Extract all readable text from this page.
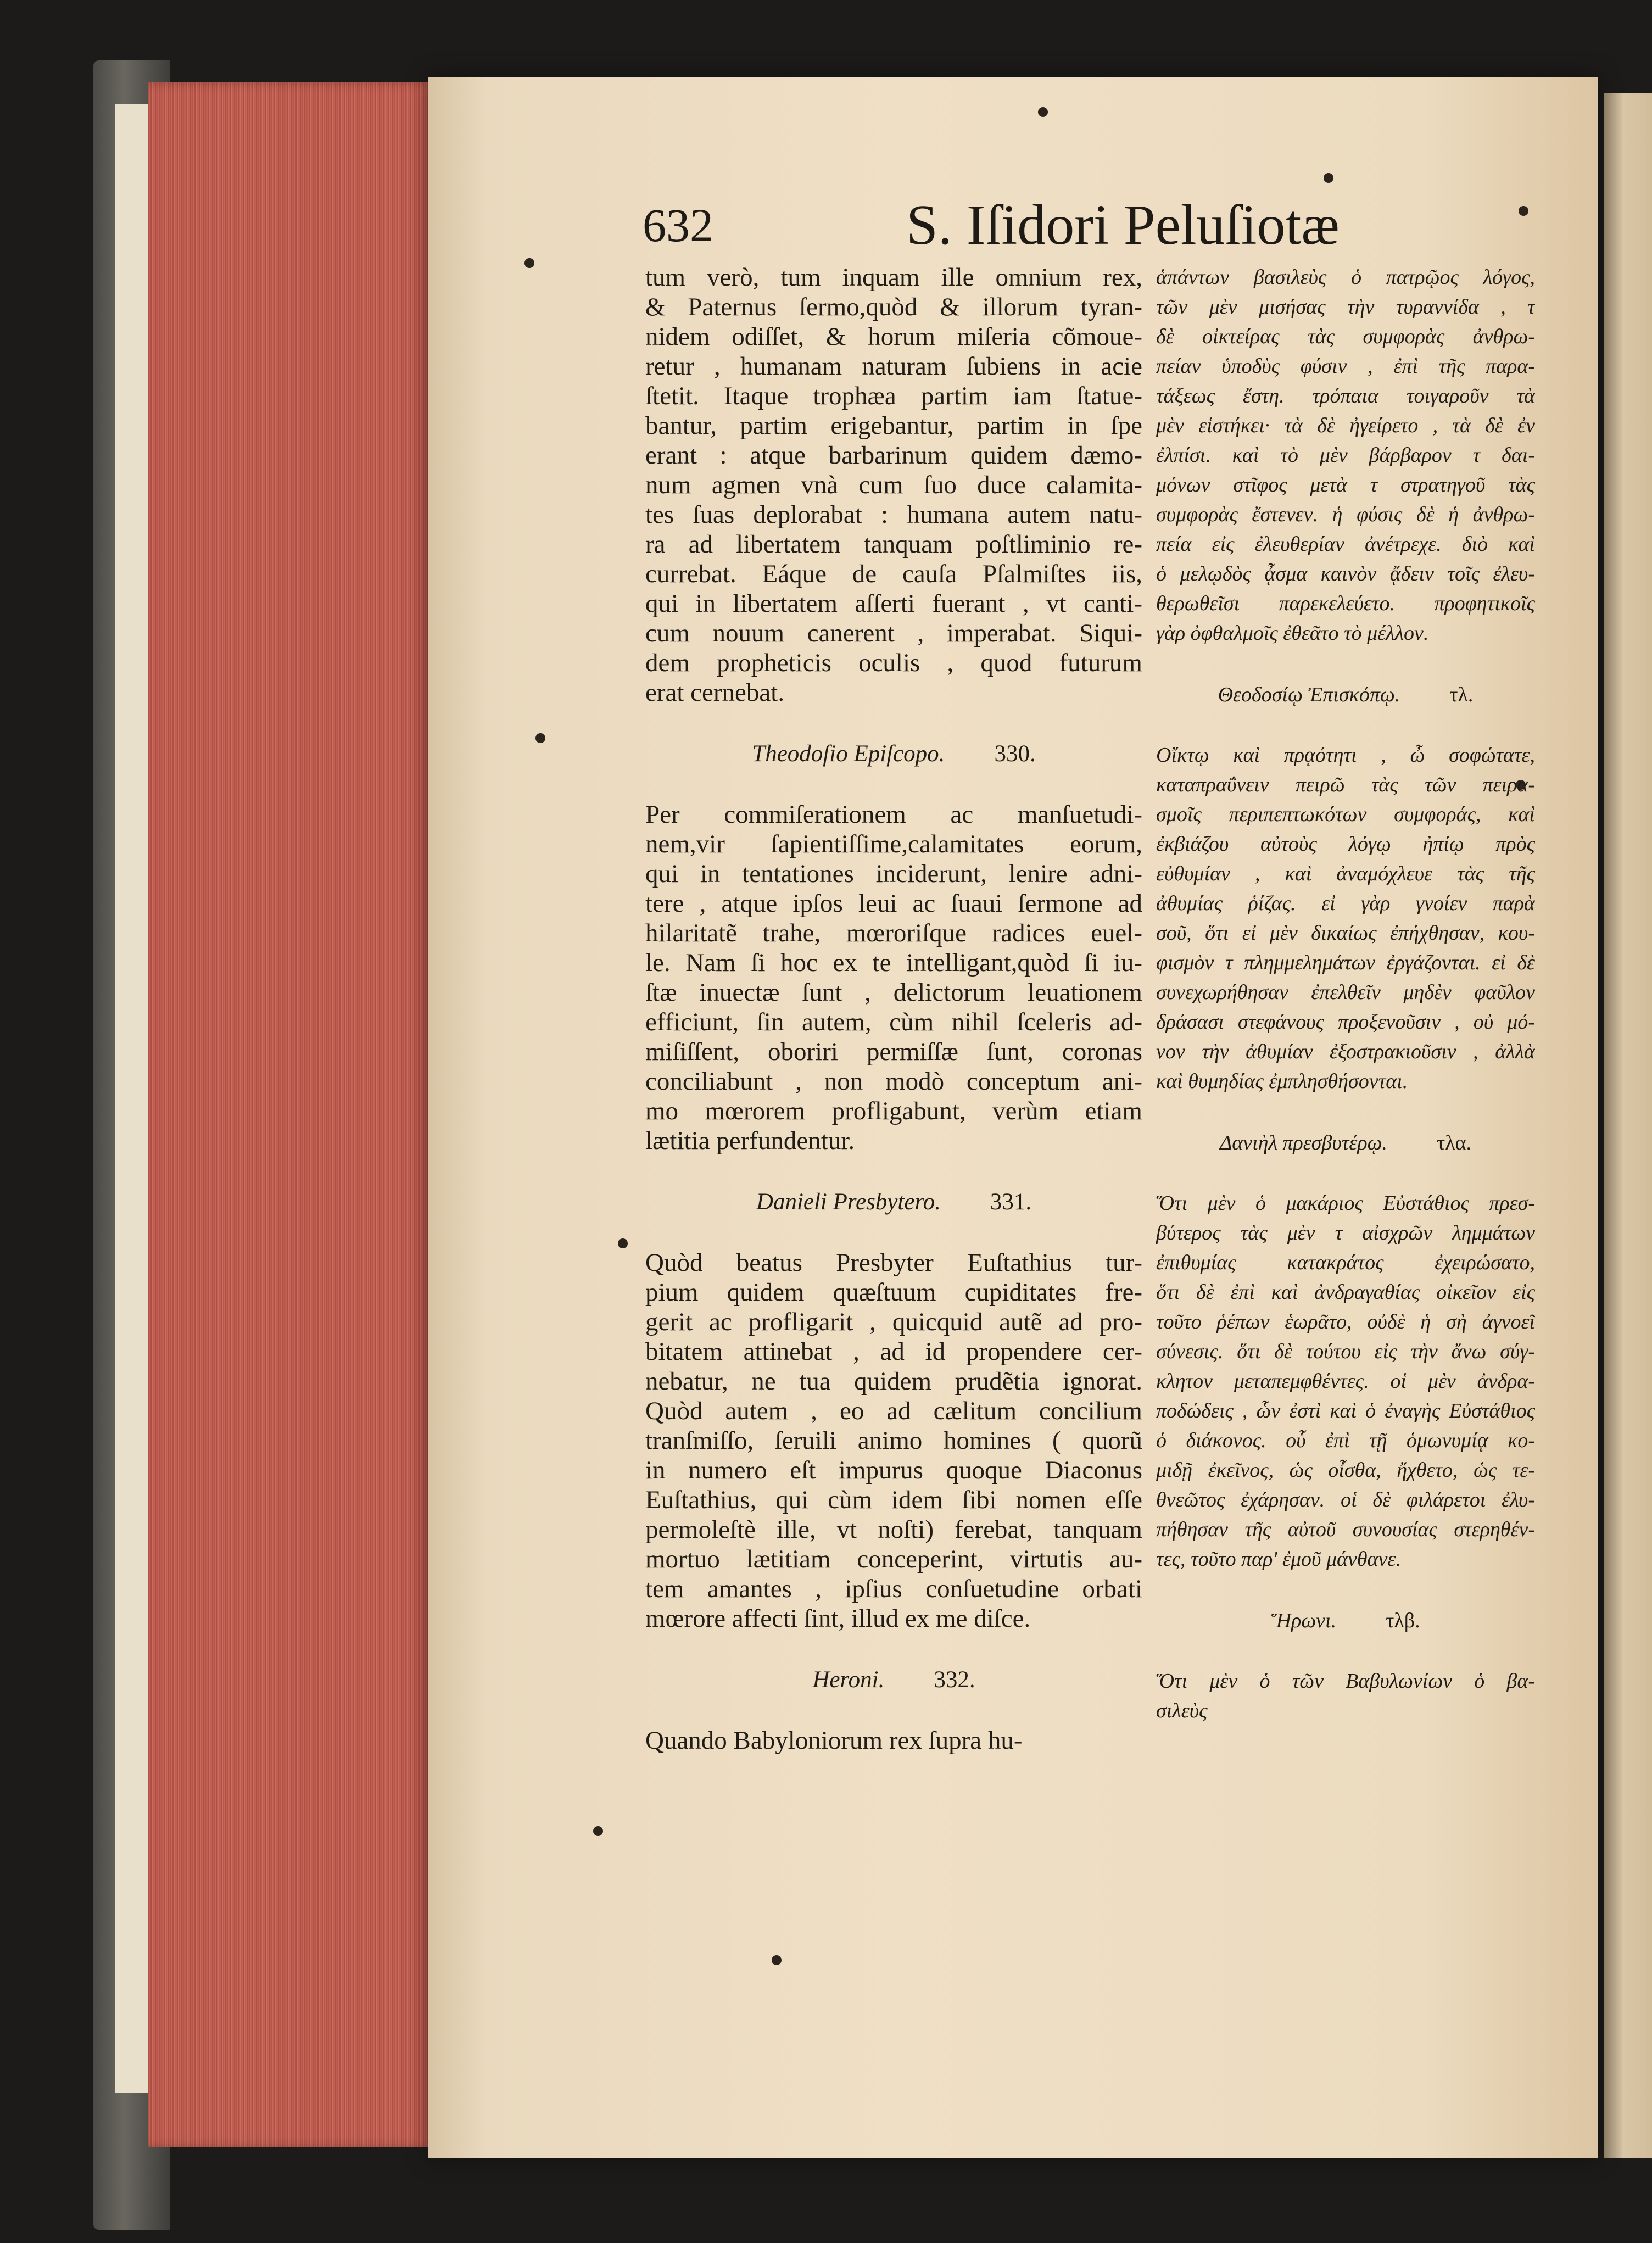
632	S. Iſidori Peluſiotæ
tum verò, tum inquam ille omnium rex,
& Paternus ſermo,quòd & illorum tyran-
nidem odiſſet, & horum miſeria cõmoue-
retur , humanam naturam ſubiens in acie
ſtetit. Itaque trophæa partim iam ſtatue-
bantur, partim erigebantur, partim in ſpe
erant : atque barbarinum quidem dæmo-
num agmen vnà cum ſuo duce calamita-
tes ſuas deplorabat : humana autem natu-
ra ad libertatem tanquam poſtliminio re-
currebat. Eáque de cauſa Pſalmiſtes iis,
qui in libertatem aſſerti fuerant , vt canti-
cum nouum canerent , imperabat. Siqui-
dem propheticis oculis , quod futurum
erat cernebat.
Theodoſio Epiſcopo. 330.
Per commiſerationem ac manſuetudi-
nem,vir ſapientiſſime,calamitates eorum,
qui in tentationes inciderunt, lenire adni-
tere , atque ipſos leui ac ſuaui ſermone ad
hilaritatẽ trahe, mœroriſque radices euel-
le. Nam ſi hoc ex te intelligant,quòd ſi iu-
ſtæ inuectæ ſunt , delictorum leuationem
efficiunt, ſin autem, cùm nihil ſceleris ad-
miſiſſent, oboriri permiſſæ ſunt, coronas
conciliabunt , non modò conceptum ani-
mo mœrorem profligabunt, verùm etiam
lætitia perfundentur.
Danieli Presbytero. 331.
Quòd beatus Presbyter Euſtathius tur-
pium quidem quæſtuum cupiditates fre-
gerit ac profligarit , quicquid autẽ ad pro-
bitatem attinebat , ad id propendere cer-
nebatur, ne tua quidem prudẽtia ignorat.
Quòd autem , eo ad cælitum concilium
tranſmiſſo, ſeruili animo homines ( quorũ
in numero eſt impurus quoque Diaconus
Euſtathius, qui cùm idem ſibi nomen eſſe
permoleſtè ille, vt noſti) ferebat, tanquam
mortuo lætitiam conceperint, virtutis au-
tem amantes , ipſius conſuetudine orbati
mœrore affecti ſint, illud ex me diſce.
Heroni. 332.
Quando Babyloniorum rex ſupra hu-
ἁπάντων βασιλεὺς ὁ πατρῷος λόγος,
τῶν μὲν μισήσας τὴν τυραννίδα , τ
δὲ οἰκτείρας τὰς συμφορὰς ἀνθρω-
πείαν ὑποδὺς φύσιν , ἐπὶ τῆς παρα-
τάξεως ἔστη. τρόπαια τοιγαροῦν τὰ
μὲν εἱστήκει· τὰ δὲ ἠγείρετο , τὰ δὲ ἐν
ἐλπίσι. καὶ τὸ μὲν βάρβαρον τ δαι-
μόνων στῖφος μετὰ τ στρατηγοῦ τὰς
συμφορὰς ἔστενεν. ἡ φύσις δὲ ἡ ἀνθρω-
πεία εἰς ἐλευθερίαν ἀνέτρεχε. διὸ καὶ
ὁ μελῳδὸς ᾆσμα καινὸν ᾄδειν τοῖς ἐλευ-
θερωθεῖσι παρεκελεύετο. προφητικοῖς
γὰρ ὀφθαλμοῖς ἐθεᾶτο τὸ μέλλον.
Θεοδοσίῳ Ἐπισκόπῳ. τλ.
Οἴκτῳ καὶ πρᾳότητι , ὦ σοφώτατε,
καταπραΰνειν πειρῶ τὰς τῶν πειρα-
σμοῖς περιπεπτωκότων συμφοράς, καὶ
ἐκβιάζου αὐτοὺς λόγῳ ἠπίῳ πρὸς
εὐθυμίαν , καὶ ἀναμόχλευε τὰς τῆς
ἀθυμίας ῥίζας. εἰ γὰρ γνοίεν παρὰ
σοῦ, ὅτι εἰ μὲν δικαίως ἐπήχθησαν, κου-
φισμὸν τ πλημμελημάτων ἐργάζονται. εἰ δὲ
συνεχωρήθησαν ἐπελθεῖν μηδὲν φαῦλον
δράσασι στεφάνους προξενοῦσιν , οὐ μό-
νον τὴν ἀθυμίαν ἐξοστρακιοῦσιν , ἀλλὰ
καὶ θυμηδίας ἐμπλησθήσονται.
Δανιὴλ πρεσβυτέρῳ. τλα.
Ὅτι μὲν ὁ μακάριος Εὐστάθιος πρεσ-
βύτερος τὰς μὲν τ αἰσχρῶν λημμάτων
ἐπιθυμίας κατακράτος ἐχειρώσατο,
ὅτι δὲ ἐπὶ καὶ ἀνδραγαθίας οἰκεῖον εἰς
τοῦτο ῥέπων ἑωρᾶτο, οὐδὲ ἡ σὴ ἀγνοεῖ
σύνεσις. ὅτι δὲ τούτου εἰς τὴν ἄνω σύγ-
κλητον μεταπεμφθέντες. οἱ μὲν ἀνδρα-
ποδώδεις , ὧν ἐστὶ καὶ ὁ ἐναγὴς Εὐστάθιος
ὁ διάκονος. οὗ ἐπὶ τῇ ὁμωνυμίᾳ κο-
μιδῇ ἐκεῖνος, ὡς οἶσθα, ἤχθετο, ὡς τε-
θνεῶτος ἐχάρησαν. οἱ δὲ φιλάρετοι ἐλυ-
πήθησαν τῆς αὐτοῦ συνουσίας στερηθέν-
τες, τοῦτο παρ' ἐμοῦ μάνθανε.
Ἥρωνι. τλβ.
Ὅτι μὲν ὁ τῶν Βαβυλωνίων ὁ βα-
σιλεὺς
